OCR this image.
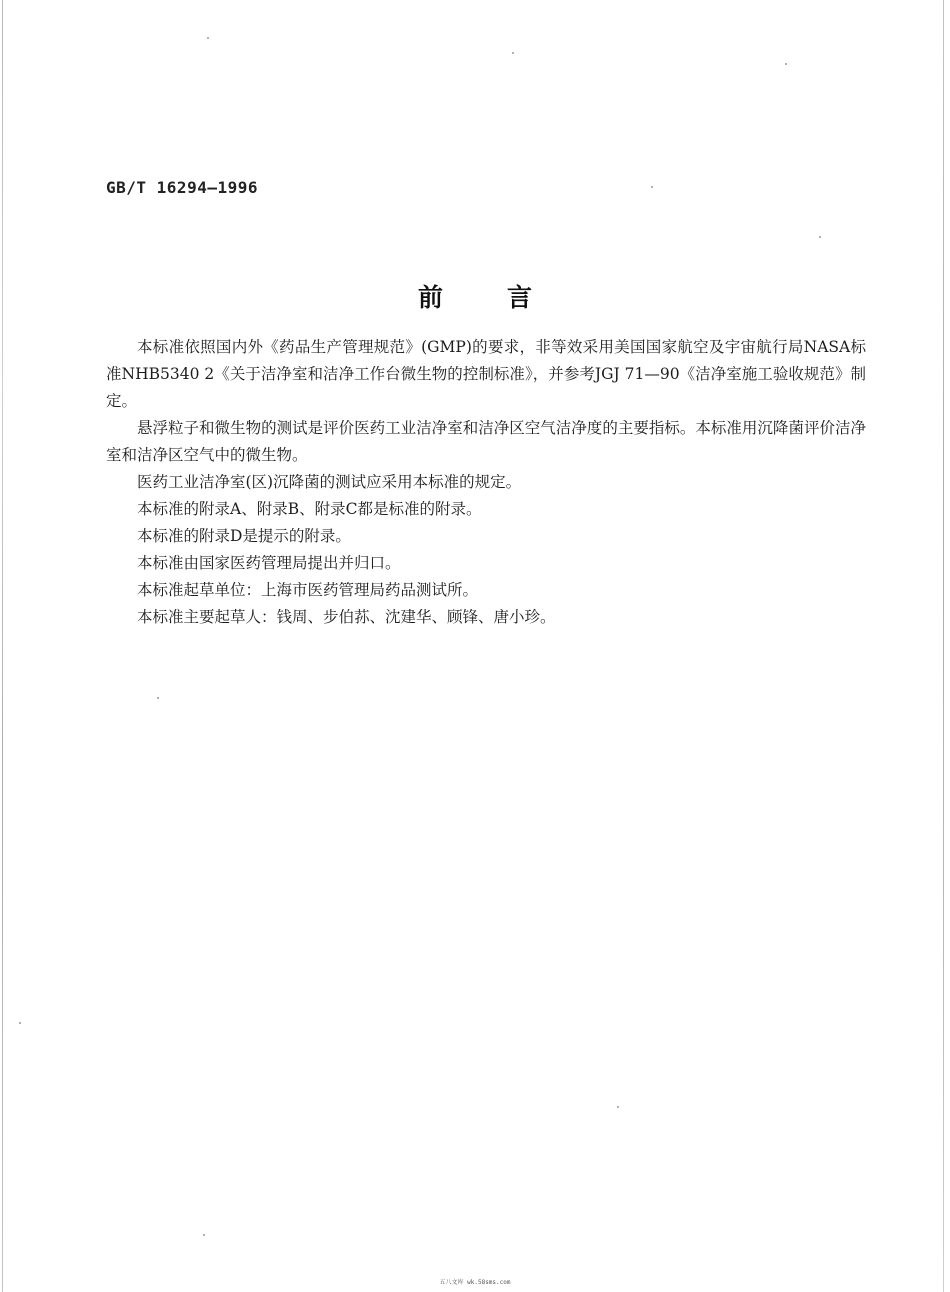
GB/T 16294—1996
前	言

本标准依照国内外《药品生产管理规范》(GMP)的要求，非等效采用美国国家航空及宇宙航行局NASA标准NHB5340 2《关于洁净室和洁净工作台微生物的控制标准》，并参考JGJ 71—90《洁净室施工验收规范》制定。

悬浮粒子和微生物的测试是评价医药工业洁净室和洁净区空气洁净度的主要指标。本标准用沉降菌评价洁净室和洁净区空气中的微生物。

医药工业洁净室(区)沉降菌的测试应采用本标准的规定。

本标准的附录A、附录B、附录C都是标准的附录。

本标准的附录D是提示的附录。

本标准由国家医药管理局提出并归口。

本标准起草单位：上海市医药管理局药品测试所。

本标准主要起草人：钱周、步伯荪、沈建华、顾锋、唐小珍。

五八文库 wk.58sms.com
